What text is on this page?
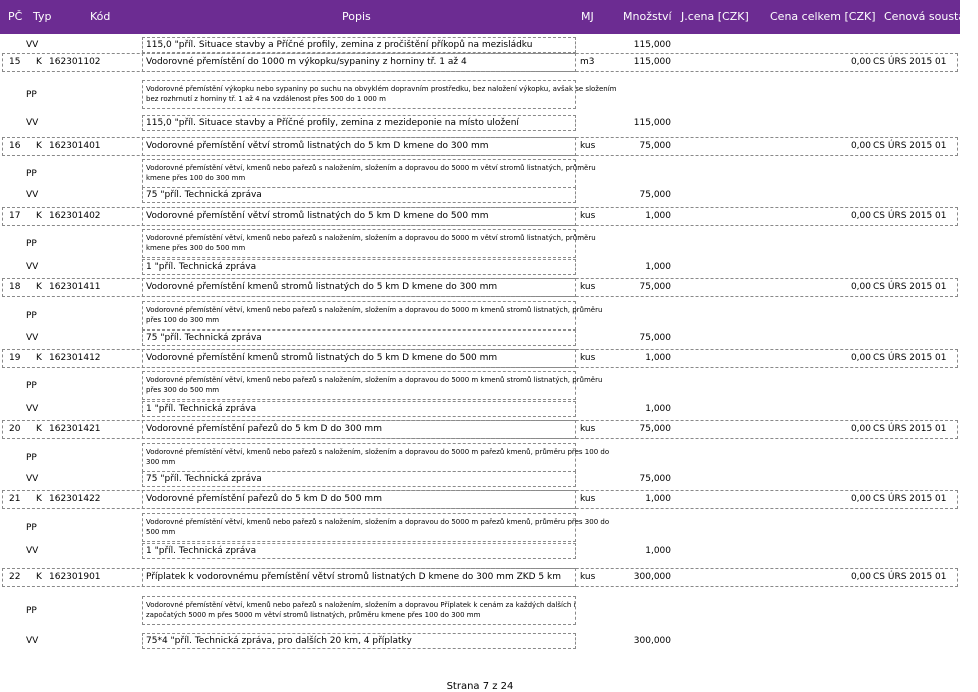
PČ Typ	Kód	Popis	MJ	Množství J.cena [CZK] Cena celkem [CZK] Cenová soustava
VV	115,0 "příl. Situace stavby a Příčné profily, zemina z pročištění příkopů na mezisládku	115,000
15 K 162301102	Vodorovné přemístění do 1000 m výkopku/sypaniny z horniny tř. 1 až 4	m3	115,000	0,00 CS ÚRS 2015 01
PP
Vodorovné přemístění výkopku nebo sypaniny po suchu na obvyklém dopravním prostředku, bez naložení výkopku, avšak se složením
bez rozhrnutí z horniny tř. 1 až 4 na vzdálenost přes 500 do 1 000 m
VV	115,0 "příl. Situace stavby a Příčné profily, zemina z mezideponie na místo uložení	115,000
16 K 162301401	Vodorovné přemístění větví stromů listnatých do 5 km D kmene do 300 mm	kus	75,000	0,00 CS ÚRS 2015 01
PP
Vodorovné přemístění větví, kmenů nebo pařezů s naložením, složením a dopravou do 5000 m větví stromů listnatých, průměru
kmene přes 100 do 300 mm
VV	75 "příl. Technická zpráva	75,000
17 K 162301402	Vodorovné přemístění větví stromů listnatých do 5 km D kmene do 500 mm	kus	1,000	0,00 CS ÚRS 2015 01
PP
Vodorovné přemístění větví, kmenů nebo pařezů s naložením, složením a dopravou do 5000 m větví stromů listnatých, průměru
kmene přes 300 do 500 mm
VV	1 "příl. Technická zpráva	1,000
18 K 162301411	Vodorovné přemístění kmenů stromů listnatých do 5 km D kmene do 300 mm	kus	75,000	0,00 CS ÚRS 2015 01
PP
Vodorovné přemístění větví, kmenů nebo pařezů s naložením, složením a dopravou do 5000 m kmenů stromů listnatých, průměru
přes 100 do 300 mm
VV	75 "příl. Technická zpráva	75,000
19 K 162301412	Vodorovné přemístění kmenů stromů listnatých do 5 km D kmene do 500 mm	kus	1,000	0,00 CS ÚRS 2015 01
PP
Vodorovné přemístění větví, kmenů nebo pařezů s naložením, složením a dopravou do 5000 m kmenů stromů listnatých, průměru
přes 300 do 500 mm
VV	1 "příl. Technická zpráva	1,000
20 K 162301421	Vodorovné přemístění pařezů do 5 km D do 300 mm	kus	75,000	0,00 CS ÚRS 2015 01
PP
Vodorovné přemístění větví, kmenů nebo pařezů s naložením, složením a dopravou do 5000 m pařezů kmenů, průměru přes 100 do
300 mm
VV	75 "příl. Technická zpráva	75,000
21 K 162301422	Vodorovné přemístění pařezů do 5 km D do 500 mm	kus	1,000	0,00 CS ÚRS 2015 01
PP
Vodorovné přemístění větví, kmenů nebo pařezů s naložením, složením a dopravou do 5000 m pařezů kmenů, průměru přes 300 do
500 mm
VV	1 "příl. Technická zpráva	1,000
22 K 162301901	Příplatek k vodorovnému přemístění větví stromů listnatých D kmene do 300 mm ZKD 5 km kus	300,000	0,00 CS ÚRS 2015 01
PP
Vodorovné přemístění větví, kmenů nebo pařezů s naložením, složením a dopravou Příplatek k cenám za každých dalších i
započatých 5000 m přes 5000 m větví stromů listnatých, průměru kmene přes 100 do 300 mm
VV	75*4 "příl. Technická zpráva, pro dalších 20 km, 4 příplatky	300,000
Strana 7 z 24
